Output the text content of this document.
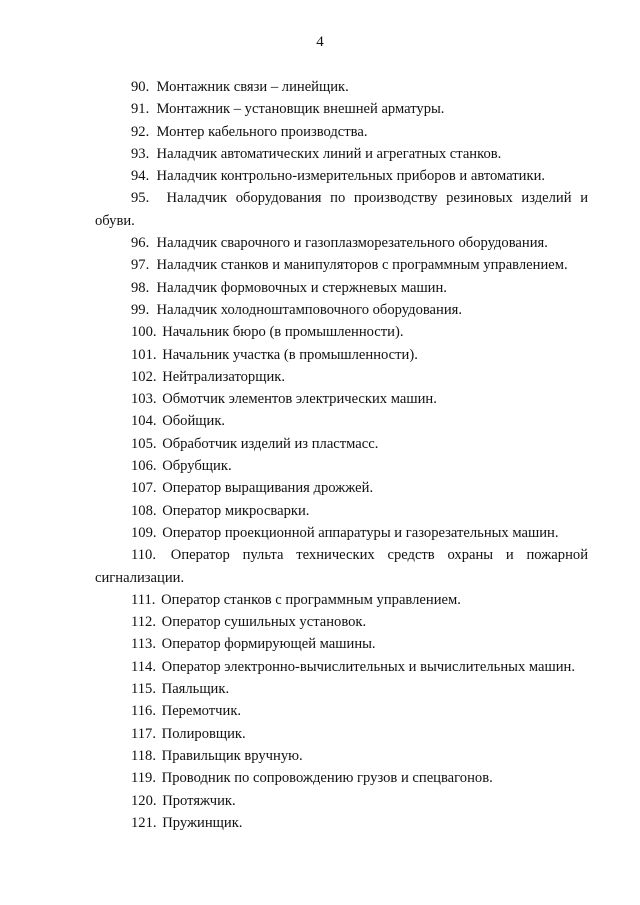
4
90. Монтажник связи – линейщик.
91. Монтажник – установщик внешней арматуры.
92. Монтер кабельного производства.
93. Наладчик автоматических линий и агрегатных станков.
94. Наладчик контрольно-измерительных приборов и автоматики.
95. Наладчик оборудования по производству резиновых изделий и обуви.
96. Наладчик сварочного и газоплазморезательного оборудования.
97. Наладчик станков и манипуляторов с программным управлением.
98. Наладчик формовочных и стержневых машин.
99. Наладчик холодноштамповочного оборудования.
100. Начальник бюро (в промышленности).
101. Начальник участка (в промышленности).
102. Нейтрализаторщик.
103. Обмотчик элементов электрических машин.
104. Обойщик.
105. Обработчик изделий из пластмасс.
106. Обрубщик.
107. Оператор выращивания дрожжей.
108. Оператор микросварки.
109. Оператор проекционной аппаратуры и газорезательных машин.
110. Оператор пульта технических средств охраны и пожарной сигнализации.
111. Оператор станков с программным управлением.
112. Оператор сушильных установок.
113. Оператор формирующей машины.
114. Оператор электронно-вычислительных и вычислительных машин.
115. Паяльщик.
116. Перемотчик.
117. Полировщик.
118. Правильщик вручную.
119. Проводник по сопровождению грузов и спецвагонов.
120. Протяжчик.
121. Пружинщик.
